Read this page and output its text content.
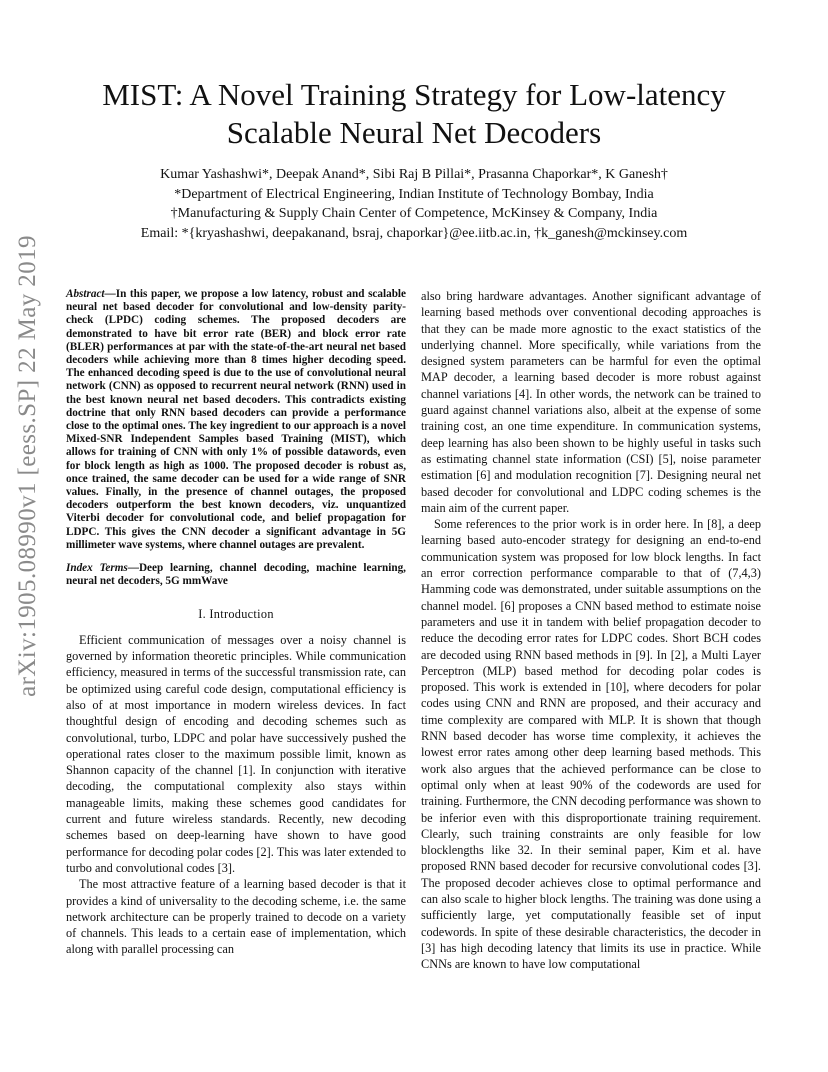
arXiv:1905.08990v1 [eess.SP] 22 May 2019
MIST: A Novel Training Strategy for Low-latency
Scalable Neural Net Decoders
Kumar Yashashwi*, Deepak Anand*, Sibi Raj B Pillai*, Prasanna Chaporkar*, K Ganesh†
*Department of Electrical Engineering, Indian Institute of Technology Bombay, India
†Manufacturing & Supply Chain Center of Competence, McKinsey & Company, India
Email: *{kryashashwi, deepakanand, bsraj, chaporkar}@ee.iitb.ac.in, †k_ganesh@mckinsey.com

Abstract—In this paper, we propose a low latency, robust and scalable neural net based decoder for convolutional and low-density parity-check (LPDC) coding schemes. The proposed decoders are demonstrated to have bit error rate (BER) and block error rate (BLER) performances at par with the state-of-the-art neural net based decoders while achieving more than 8 times higher decoding speed. The enhanced decoding speed is due to the use of convolutional neural network (CNN) as opposed to recurrent neural network (RNN) used in the best known neural net based decoders. This contradicts existing doctrine that only RNN based decoders can provide a performance close to the optimal ones. The key ingredient to our approach is a novel Mixed-SNR Independent Samples based Training (MIST), which allows for training of CNN with only 1% of possible datawords, even for block length as high as 1000. The proposed decoder is robust as, once trained, the same decoder can be used for a wide range of SNR values. Finally, in the presence of channel outages, the proposed decoders outperform the best known decoders, viz. unquantized Viterbi decoder for convolutional code, and belief propagation for LDPC. This gives the CNN decoder a significant advantage in 5G millimeter wave systems, where channel outages are prevalent.

Index Terms—Deep learning, channel decoding, machine learning, neural net decoders, 5G mmWave

I. Introduction

Efficient communication of messages over a noisy channel is governed by information theoretic principles. While communication efficiency, measured in terms of the successful transmission rate, can be optimized using careful code design, computational efficiency is also of at most importance in modern wireless devices. In fact thoughtful design of encoding and decoding schemes such as convolutional, turbo, LDPC and polar have successively pushed the operational rates closer to the maximum possible limit, known as Shannon capacity of the channel [1]. In conjunction with iterative decoding, the computational complexity also stays within manageable limits, making these schemes good candidates for current and future wireless standards. Recently, new decoding schemes based on deep-learning have shown to have good performance for decoding polar codes [2]. This was later extended to turbo and convolutional codes [3].

The most attractive feature of a learning based decoder is that it provides a kind of universality to the decoding scheme, i.e. the same network architecture can be properly trained to decode on a variety of channels. This leads to a certain ease of implementation, which along with parallel processing can

also bring hardware advantages. Another significant advantage of learning based methods over conventional decoding approaches is that they can be made more agnostic to the exact statistics of the underlying channel. More specifically, while variations from the designed system parameters can be harmful for even the optimal MAP decoder, a learning based decoder is more robust against channel variations [4]. In other words, the network can be trained to guard against channel variations also, albeit at the expense of some training cost, an one time expenditure. In communication systems, deep learning has also been shown to be highly useful in tasks such as estimating channel state information (CSI) [5], noise parameter estimation [6] and modulation recognition [7]. Designing neural net based decoder for convolutional and LDPC coding schemes is the main aim of the current paper.

Some references to the prior work is in order here. In [8], a deep learning based auto-encoder strategy for designing an end-to-end communication system was proposed for low block lengths. In fact an error correction performance comparable to that of (7,4,3) Hamming code was demonstrated, under suitable assumptions on the channel model. [6] proposes a CNN based method to estimate noise parameters and use it in tandem with belief propagation decoder to reduce the decoding error rates for LDPC codes. Short BCH codes are decoded using RNN based methods in [9]. In [2], a Multi Layer Perceptron (MLP) based method for decoding polar codes is proposed. This work is extended in [10], where decoders for polar codes using CNN and RNN are proposed, and their accuracy and time complexity are compared with MLP. It is shown that though RNN based decoder has worse time complexity, it achieves the lowest error rates among other deep learning based methods. This work also argues that the achieved performance can be close to optimal only when at least 90% of the codewords are used for training. Furthermore, the CNN decoding performance was shown to be inferior even with this disproportionate training requirement. Clearly, such training constraints are only feasible for low blocklengths like 32. In their seminal paper, Kim et al. have proposed RNN based decoder for recursive convolutional codes [3]. The proposed decoder achieves close to optimal performance and can also scale to higher block lengths. The training was done using a sufficiently large, yet computationally feasible set of input codewords. In spite of these desirable characteristics, the decoder in [3] has high decoding latency that limits its use in practice. While CNNs are known to have low computational
